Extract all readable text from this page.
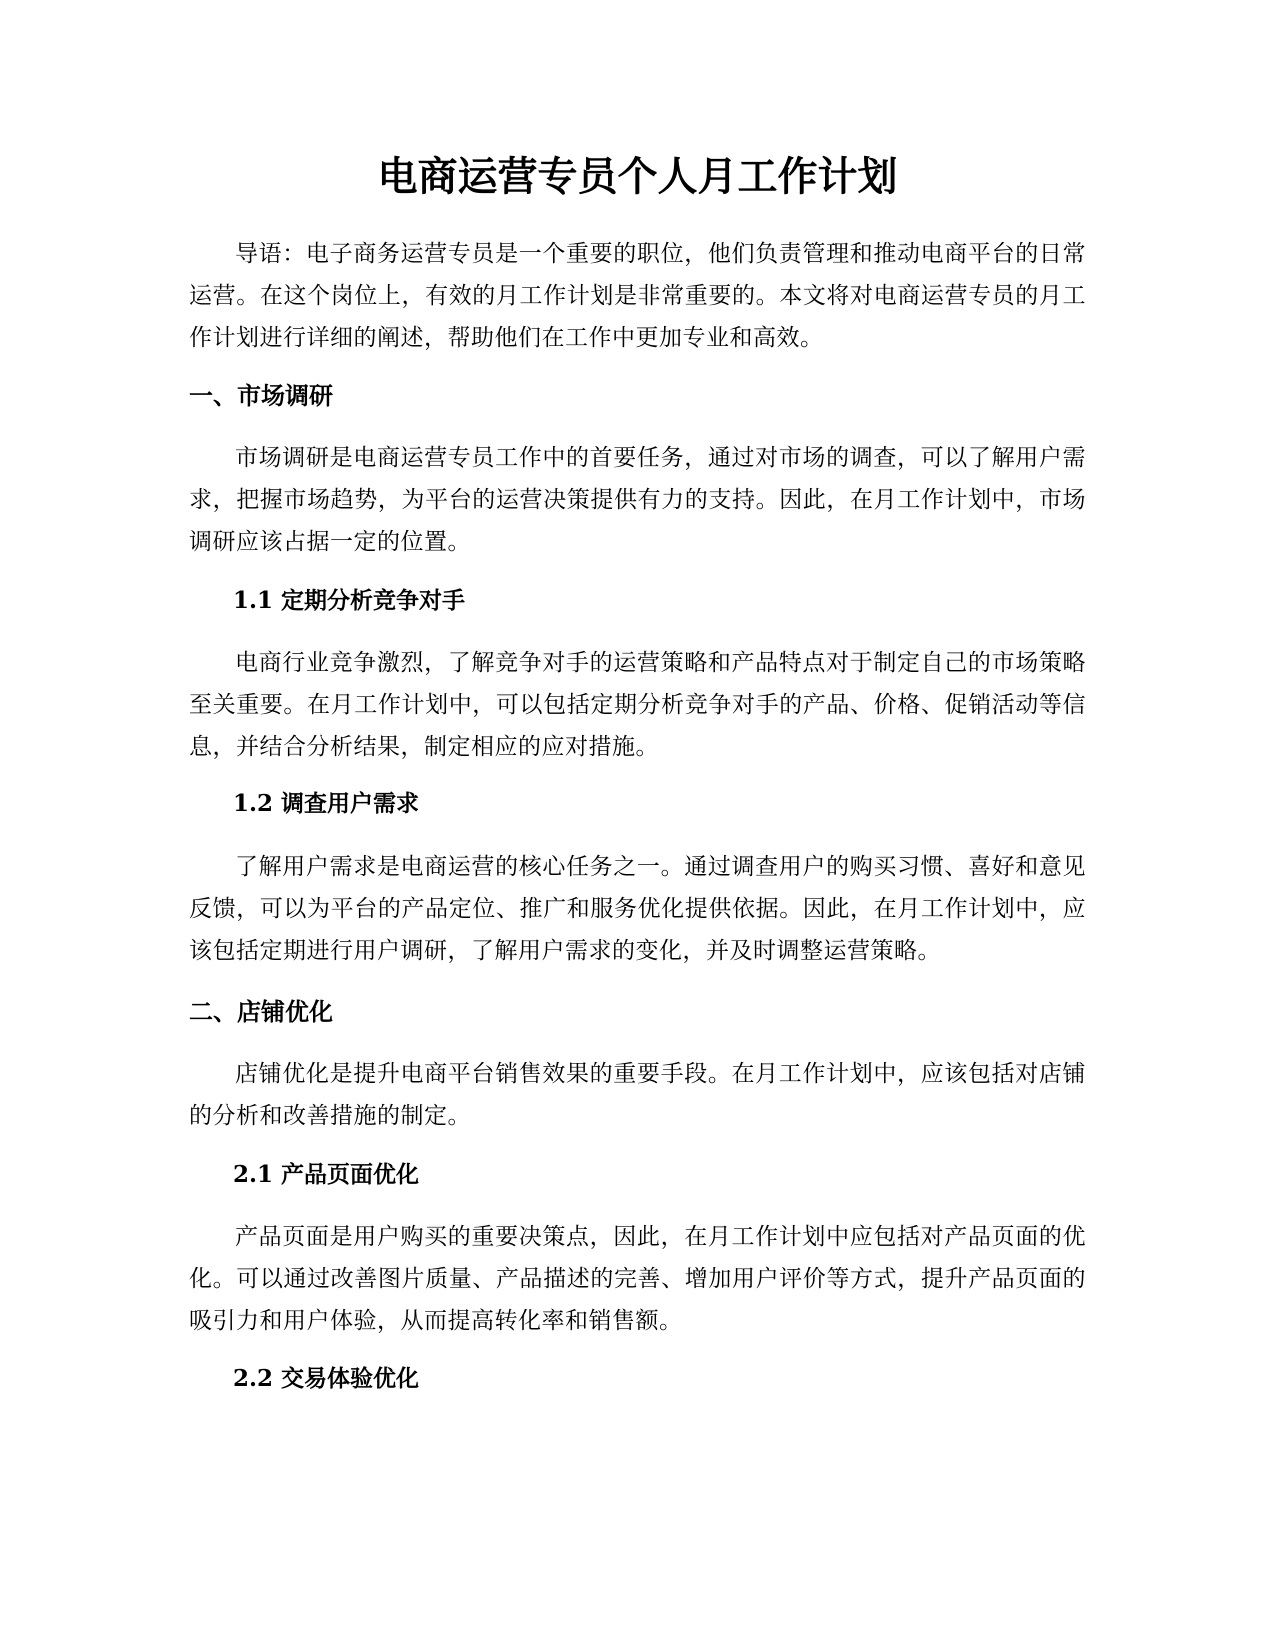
电商运营专员个人月工作计划

导语：电子商务运营专员是一个重要的职位，他们负责管理和推动电商平台的日常运营。在这个岗位上，有效的月工作计划是非常重要的。本文将对电商运营专员的月工作计划进行详细的阐述，帮助他们在工作中更加专业和高效。

一、市场调研

市场调研是电商运营专员工作中的首要任务，通过对市场的调查，可以了解用户需求，把握市场趋势，为平台的运营决策提供有力的支持。因此，在月工作计划中，市场调研应该占据一定的位置。

1.1 定期分析竞争对手

电商行业竞争激烈，了解竞争对手的运营策略和产品特点对于制定自己的市场策略至关重要。在月工作计划中，可以包括定期分析竞争对手的产品、价格、促销活动等信息，并结合分析结果，制定相应的应对措施。

1.2 调查用户需求

了解用户需求是电商运营的核心任务之一。通过调查用户的购买习惯、喜好和意见反馈，可以为平台的产品定位、推广和服务优化提供依据。因此，在月工作计划中，应该包括定期进行用户调研，了解用户需求的变化，并及时调整运营策略。

二、店铺优化

店铺优化是提升电商平台销售效果的重要手段。在月工作计划中，应该包括对店铺的分析和改善措施的制定。

2.1 产品页面优化

产品页面是用户购买的重要决策点，因此，在月工作计划中应包括对产品页面的优化。可以通过改善图片质量、产品描述的完善、增加用户评价等方式，提升产品页面的吸引力和用户体验，从而提高转化率和销售额。

2.2 交易体验优化
